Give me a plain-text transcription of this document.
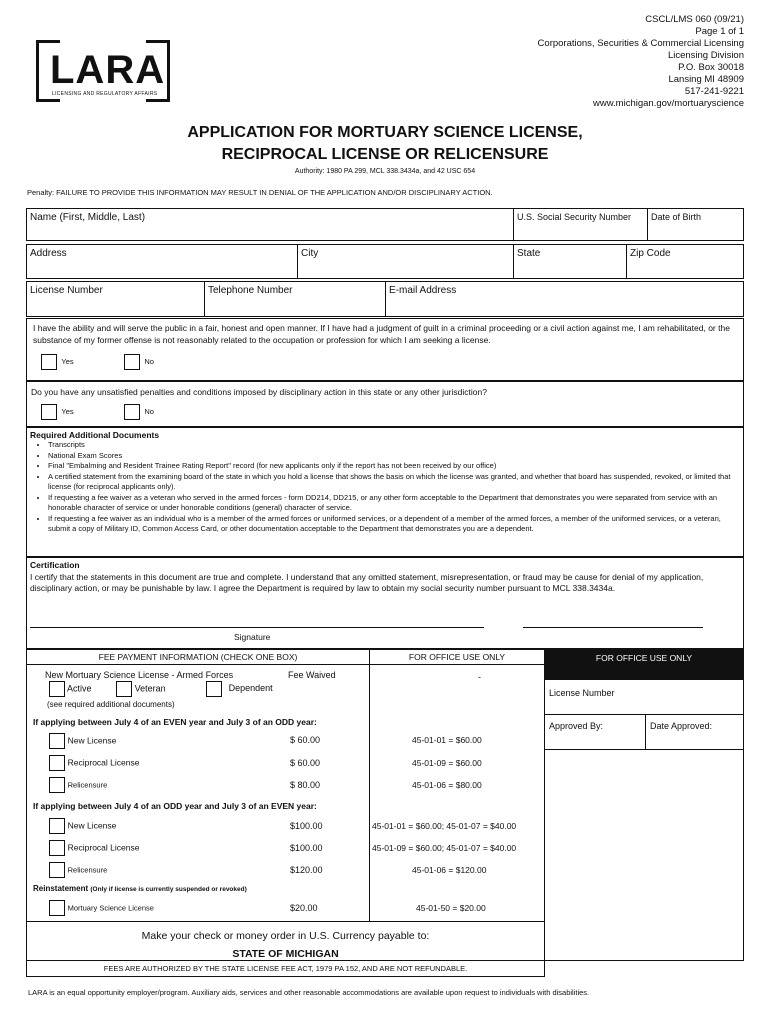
LARA
LICENSING AND REGULATORY AFFAIRS
CSCL/LMS 060 (09/21)
Page 1 of 1
Corporations, Securities & Commercial Licensing
Licensing Division
P.O. Box 30018
Lansing MI 48909
517-241-9221
www.michigan.gov/mortuaryscience
APPLICATION FOR MORTUARY SCIENCE LICENSE,
RECIPROCAL LICENSE OR RELICENSURE
Authority: 1980 PA 299, MCL 338.3434a, and 42 USC 654
Penalty: FAILURE TO PROVIDE THIS INFORMATION MAY RESULT IN DENIAL OF THE APPLICATION AND/OR DISCIPLINARY ACTION.
Name (First, Middle, Last)	U.S. Social Security Number	Date of Birth
Address	City	State	Zip Code
License Number	Telephone Number	E-mail Address
I have the ability and will serve the public in a fair, honest and open manner. If I have had a judgment of guilt in a criminal proceeding or a civil action against me, I am rehabilitated, or the substance of my former offense is not reasonably related to the occupation or profession for which I am seeking a license.
Yes	No
Do you have any unsatisfied penalties and conditions imposed by disciplinary action in this state or any other jurisdiction?
Yes	No
Required Additional Documents
• Transcripts
• National Exam Scores
• Final "Embalming and Resident Trainee Rating Report" record (for new applicants only if the report has not been received by our office)
• A certified statement from the examining board of the state in which you hold a license that shows the basis on which the license was granted, and whether that board has suspended, revoked, or limited that license (for reciprocal applicants only).
• If requesting a fee waiver as a veteran who served in the armed forces - form DD214, DD215, or any other form acceptable to the Department that demonstrates you were separated from service with an honorable character of service or under honorable conditions (general) character of service.
• If requesting a fee waiver as an individual who is a member of the armed forces or uniformed services, or a dependent of a member of the armed forces, a member of the uniformed services, or a veteran, submit a copy of Military ID, Common Access Card, or other documentation acceptable to the Department that demonstrates you are a dependent.
Certification
I certify that the statements in this document are true and complete. I understand that any omitted statement, misrepresentation, or fraud may be cause for denial of my application, disciplinary action, or may be punishable by law. I agree the Department is required by law to obtain my social security number pursuant to MCL 338.3434a.
Signature
FEE PAYMENT INFORMATION (CHECK ONE BOX)	FOR OFFICE USE ONLY	FOR OFFICE USE ONLY
License Number
Approved By:	Date Approved:
New Mortuary Science License - Armed Forces	Fee Waived
Active	Veteran	Dependent
(see required additional documents)
-
If applying between July 4 of an EVEN year and July 3 of an ODD year:
New License	$ 60.00	45-01-01 = $60.00
Reciprocal License	$ 60.00	45-01-09 = $60.00
Relicensure	$ 80.00	45-01-06 = $80.00
If applying between July 4 of an ODD year and July 3 of an EVEN year:
New License	$100.00	45-01-01 = $60.00; 45-01-07 = $40.00
Reciprocal License	$100.00	45-01-09 = $60.00; 45-01-07 = $40.00
Relicensure	$120.00	45-01-06 = $120.00
Reinstatement (Only if license is currently suspended or revoked)
Mortuary Science License	$20.00	45-01-50 = $20.00
Make your check or money order in U.S. Currency payable to:
STATE OF MICHIGAN
FEES ARE AUTHORIZED BY THE STATE LICENSE FEE ACT, 1979 PA 152, AND ARE NOT REFUNDABLE.
LARA is an equal opportunity employer/program. Auxiliary aids, services and other reasonable accommodations are available upon request to individuals with disabilities.
